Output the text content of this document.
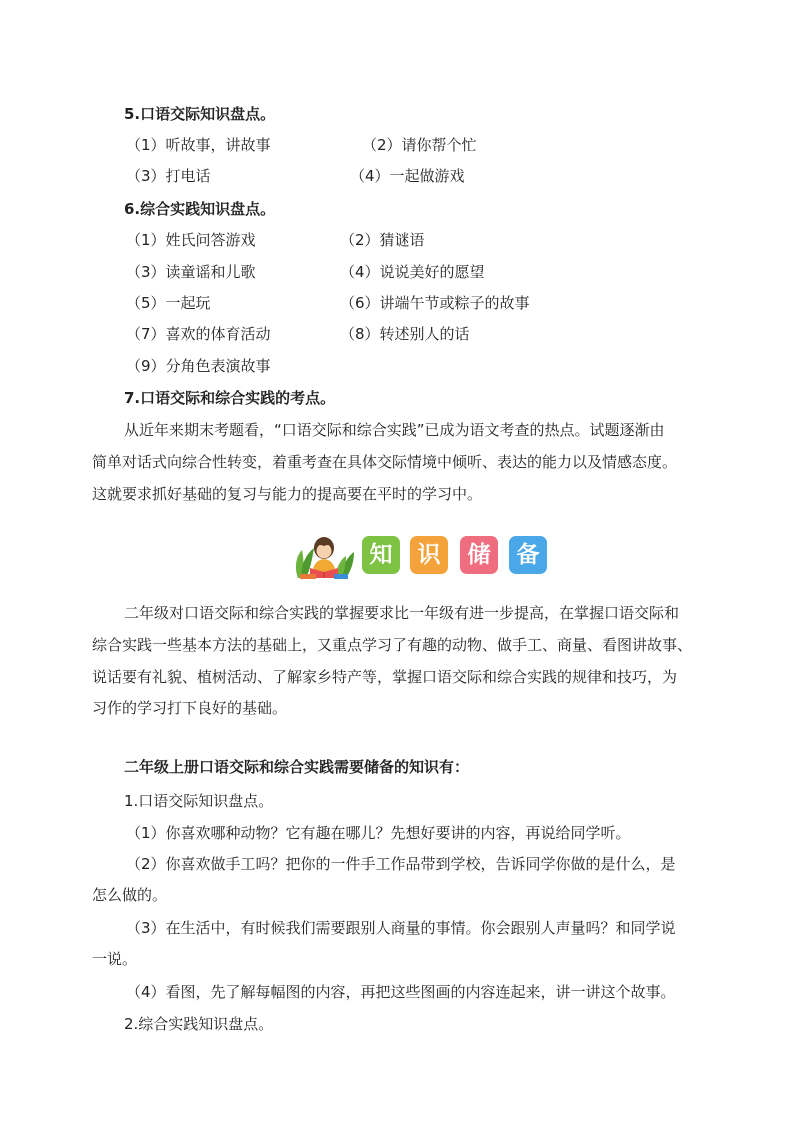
5.口语交际知识盘点。
（1）听故事，讲故事	（2）请你帮个忙
（3）打电话	（4）一起做游戏
6.综合实践知识盘点。
（1）姓氏问答游戏	（2）猜谜语
（3）读童谣和儿歌	（4）说说美好的愿望
（5）一起玩	（6）讲端午节或粽子的故事
（7）喜欢的体育活动	（8）转述别人的话
（9）分角色表演故事
7.口语交际和综合实践的考点。
从近年来期末考题看，“口语交际和综合实践”已成为语文考查的热点。试题逐渐由
简单对话式向综合性转变，着重考查在具体交际情境中倾听、表达的能力以及情感态度。
这就要求抓好基础的复习与能力的提高要在平时的学习中。
知	识	储	备
二年级对口语交际和综合实践的掌握要求比一年级有进一步提高，在掌握口语交际和
综合实践一些基本方法的基础上，又重点学习了有趣的动物、做手工、商量、看图讲故事、
说话要有礼貌、植树活动、了解家乡特产等，掌握口语交际和综合实践的规律和技巧，为
习作的学习打下良好的基础。
二年级上册口语交际和综合实践需要储备的知识有：
1.口语交际知识盘点。
（1）你喜欢哪种动物？它有趣在哪儿？先想好要讲的内容，再说给同学听。
（2）你喜欢做手工吗？把你的一件手工作品带到学校，告诉同学你做的是什么，是
怎么做的。
（3）在生活中，有时候我们需要跟别人商量的事情。你会跟别人声量吗？和同学说
一说。
（4）看图，先了解每幅图的内容，再把这些图画的内容连起来，讲一讲这个故事。
2.综合实践知识盘点。
